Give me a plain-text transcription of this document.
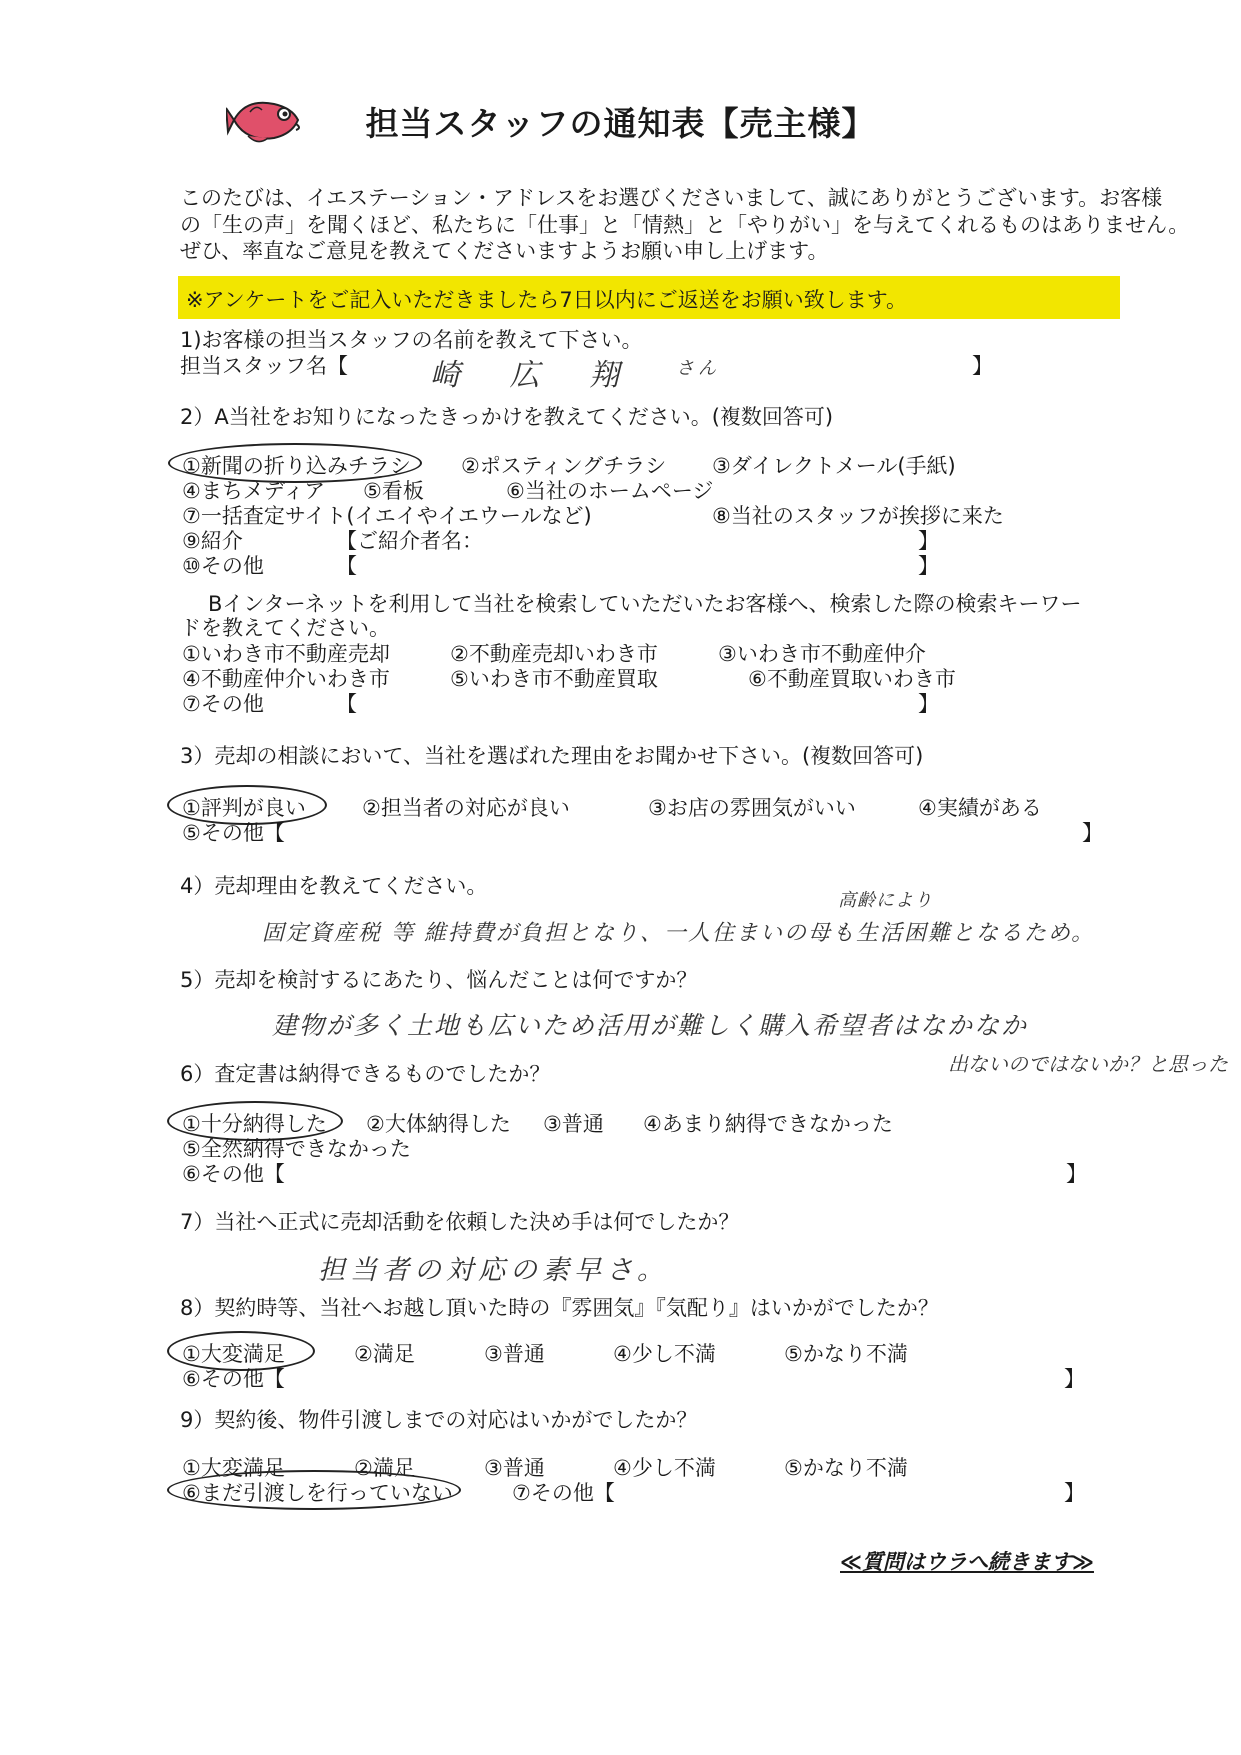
担当スタッフの通知表【売主様】
このたびは、イエステーション・アドレスをお選びくださいまして、誠にありがとうございます。お客様
の「生の声」を聞くほど、私たちに「仕事」と「情熱」と「やりがい」を与えてくれるものはありません。
ぜひ、率直なご意見を教えてくださいますようお願い申し上げます。
※アンケートをご記入いただきましたら7日以内にご返送をお願い致します。
1)お客様の担当スタッフの名前を教えて下さい。
担当スタッフ名【	崎 広 翔 さん	】
2）A当社をお知りになったきっかけを教えてください。(複数回答可)
①新聞の折り込みチラシ ②ポスティングチラシ ③ダイレクトメール(手紙)
④まちメディア ⑤看板	⑥当社のホームページ
⑦一括査定サイト(イエイやイエウールなど)	⑧当社のスタッフが挨拶に来た
⑨紹介	【ご紹介者名：	】
⑩その他	【	】
Bインターネットを利用して当社を検索していただいたお客様へ、検索した際の検索キーワー
ドを教えてください。
①いわき市不動産売却	②不動産売却いわき市	③いわき市不動産仲介
④不動産仲介いわき市	⑤いわき市不動産買取	⑥不動産買取いわき市
⑦その他	【	】
3）売却の相談において、当社を選ばれた理由をお聞かせ下さい。(複数回答可)
①評判が良い	②担当者の対応が良い	③お店の雰囲気がいい	④実績がある
⑤その他【	】
4）売却理由を教えてください。
高齢により
固定資産税 等 維持費が負担となり、一人住まいの母も生活困難となるため。
5）売却を検討するにあたり、悩んだことは何ですか？
建物が多く土地も広いため活用が難しく購入希望者はなかなか
出ないのではないか？と思った
6）査定書は納得できるものでしたか？
①十分納得した ②大体納得した ③普通 ④あまり納得できなかった
⑤全然納得できなかった
⑥その他【	】
7）当社へ正式に売却活動を依頼した決め手は何でしたか？
担当者の対応の素早さ。
8）契約時等、当社へお越し頂いた時の『雰囲気』『気配り』はいかがでしたか？
①大変満足	②満足	③普通	④少し不満	⑤かなり不満
⑥その他【	】
9）契約後、物件引渡しまでの対応はいかがでしたか？
①大変満足	②満足	③普通	④少し不満	⑤かなり不満
⑥まだ引渡しを行っていない	⑦その他【	】
≪質問はウラへ続きます≫
